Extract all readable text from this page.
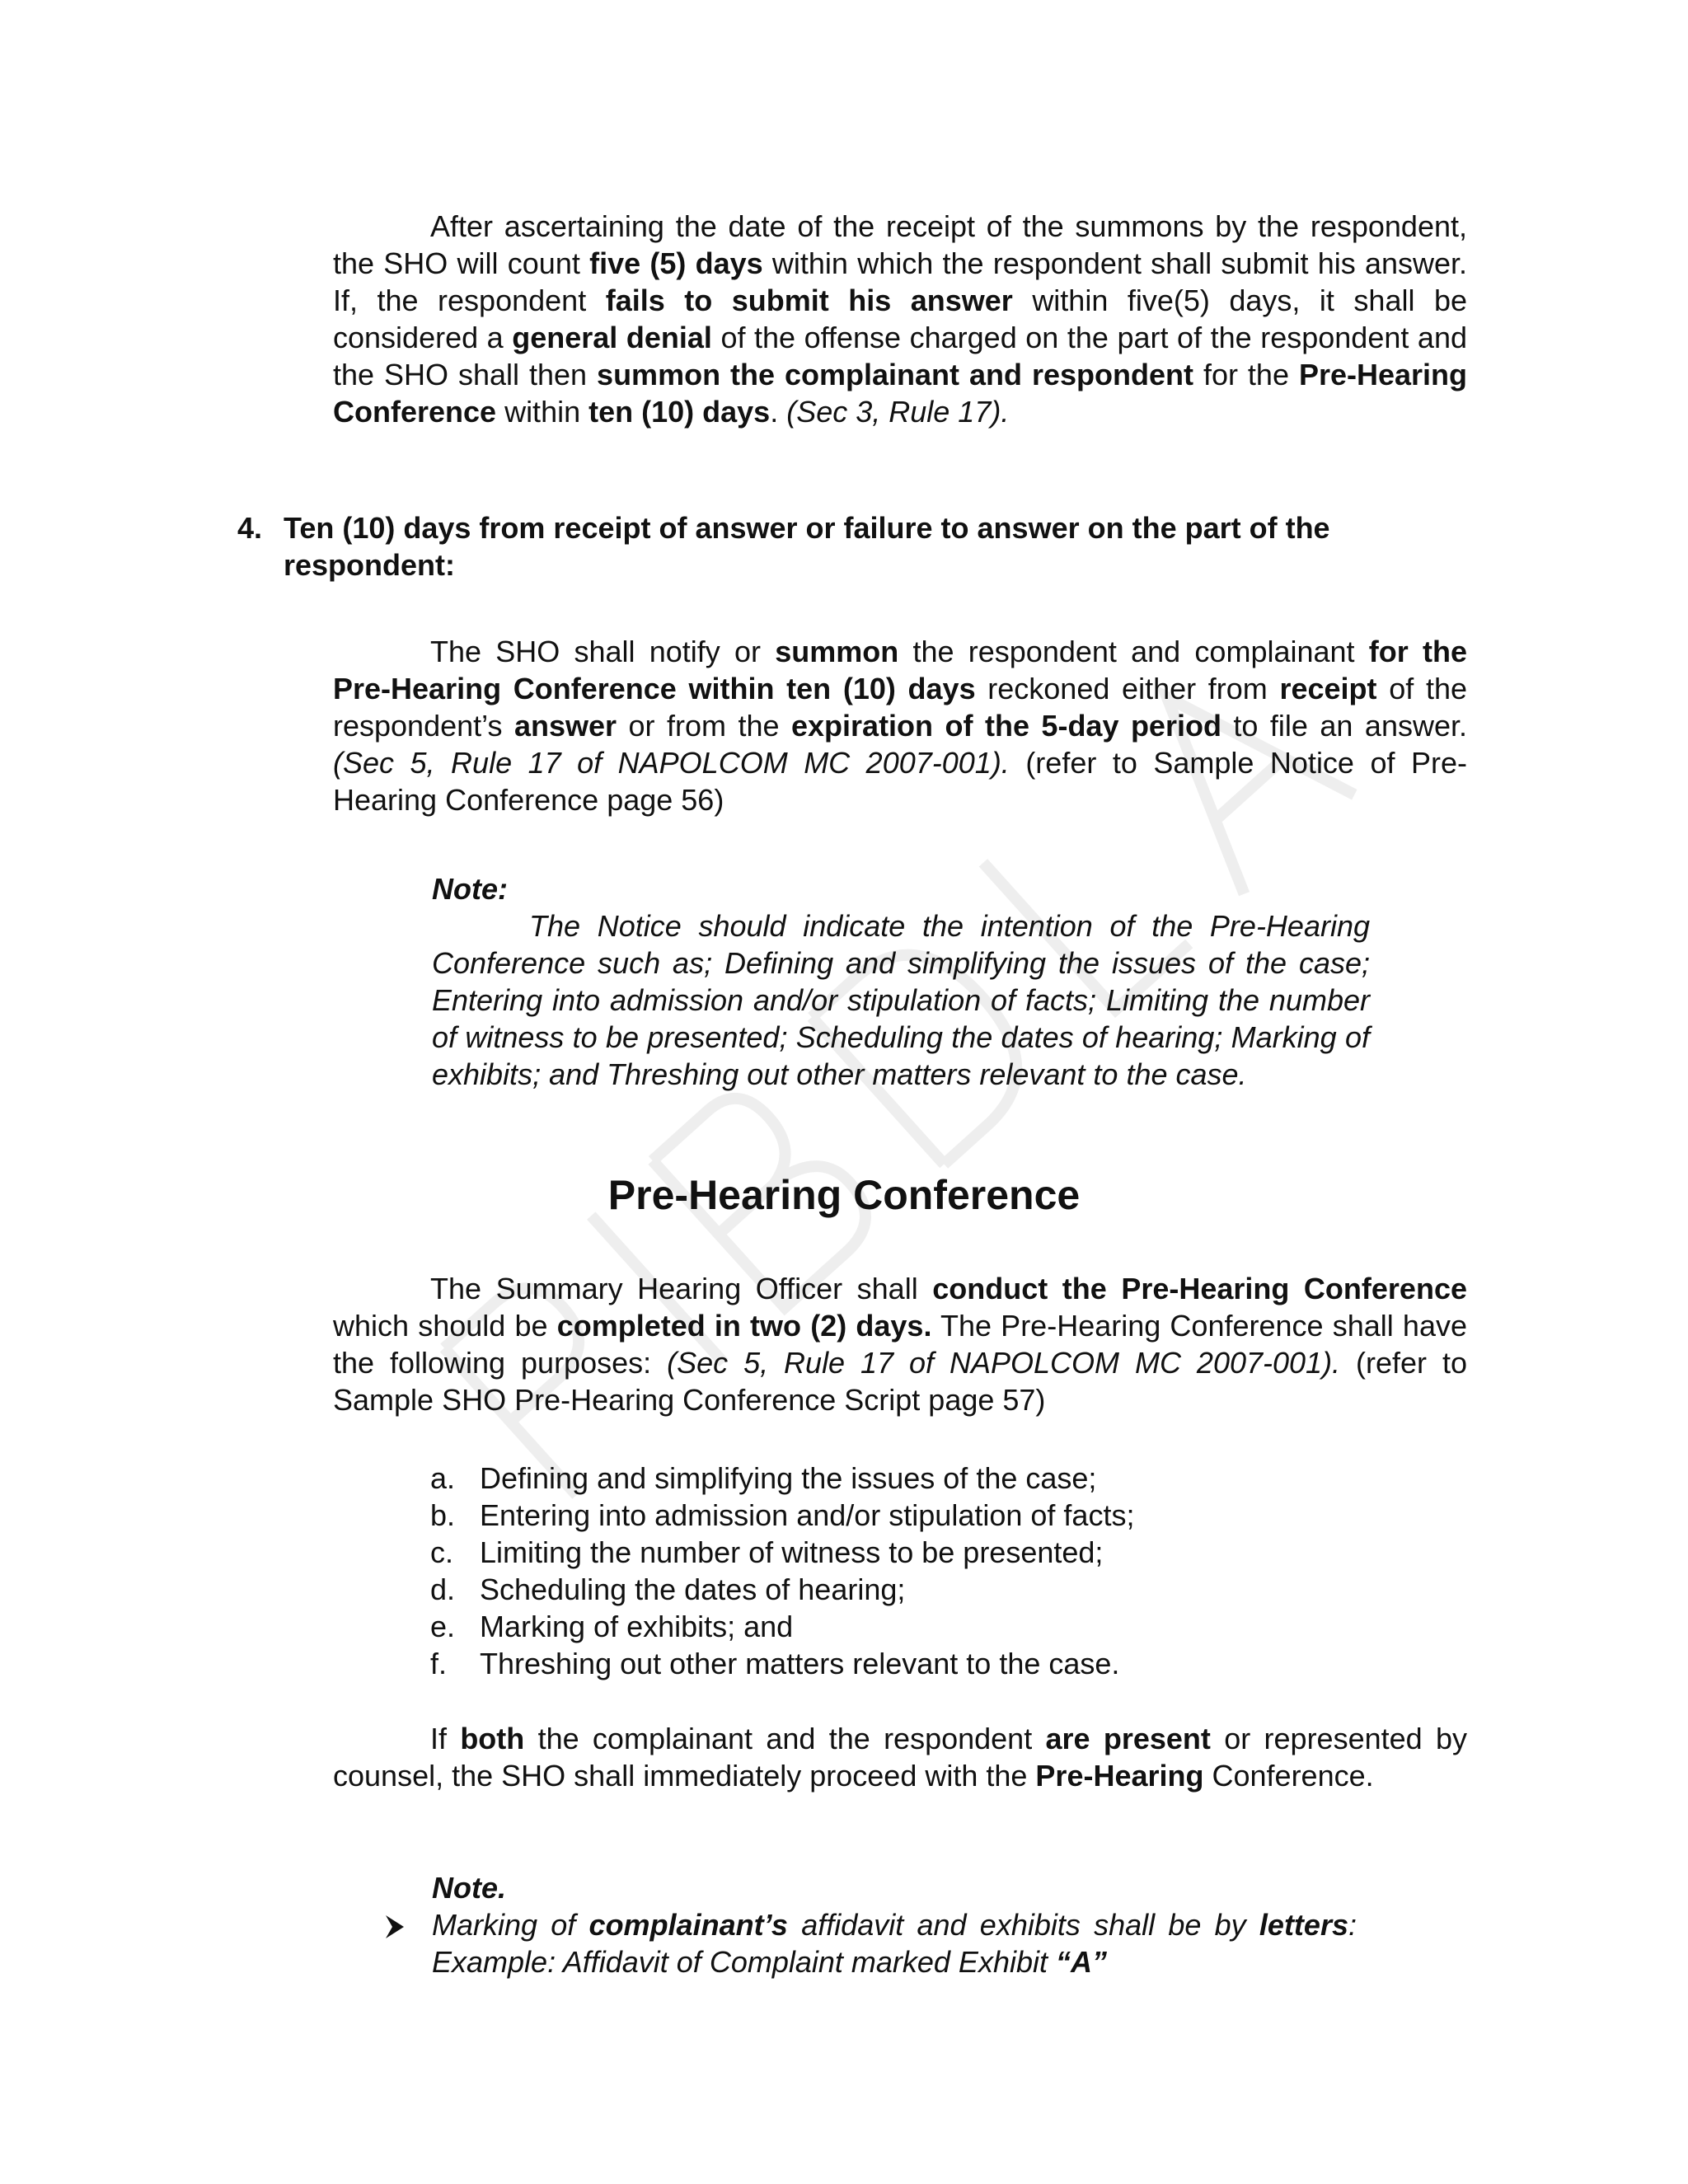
After ascertaining the date of the receipt of the summons by the respondent, the SHO will count five (5) days within which the respondent shall submit his answer. If, the respondent fails to submit his answer within five(5) days, it shall be considered a general denial of the offense charged on the part of the respondent and the SHO shall then summon the complainant and respondent for the Pre-Hearing Conference within ten (10) days. (Sec 3, Rule 17).
4. Ten (10) days from receipt of answer or failure to answer on the part of the respondent:
The SHO shall notify or summon the respondent and complainant for the Pre-Hearing Conference within ten (10) days reckoned either from receipt of the respondent’s answer or from the expiration of the 5-day period to file an answer. (Sec 5, Rule 17 of NAPOLCOM MC 2007-001). (refer to Sample Notice of Pre-Hearing Conference page 56)
Note:
The Notice should indicate the intention of the Pre-Hearing Conference such as; Defining and simplifying the issues of the case; Entering into admission and/or stipulation of facts; Limiting the number of witness to be presented; Scheduling the dates of hearing; Marking of exhibits; and Threshing out other matters relevant to the case.
Pre-Hearing Conference
The Summary Hearing Officer shall conduct the Pre-Hearing Conference which should be completed in two (2) days. The Pre-Hearing Conference shall have the following purposes: (Sec 5, Rule 17 of NAPOLCOM MC 2007-001). (refer to Sample SHO Pre-Hearing Conference Script page 57)
a. Defining and simplifying the issues of the case;
b. Entering into admission and/or stipulation of facts;
c. Limiting the number of witness to be presented;
d. Scheduling the dates of hearing;
e. Marking of exhibits; and
f.	Threshing out other matters relevant to the case.
If both the complainant and the respondent are present or represented by counsel, the SHO shall immediately proceed with the Pre-Hearing Conference.
Note.
Marking of complainant’s affidavit and exhibits shall be by letters: Example: Affidavit of Complaint marked Exhibit “A”
